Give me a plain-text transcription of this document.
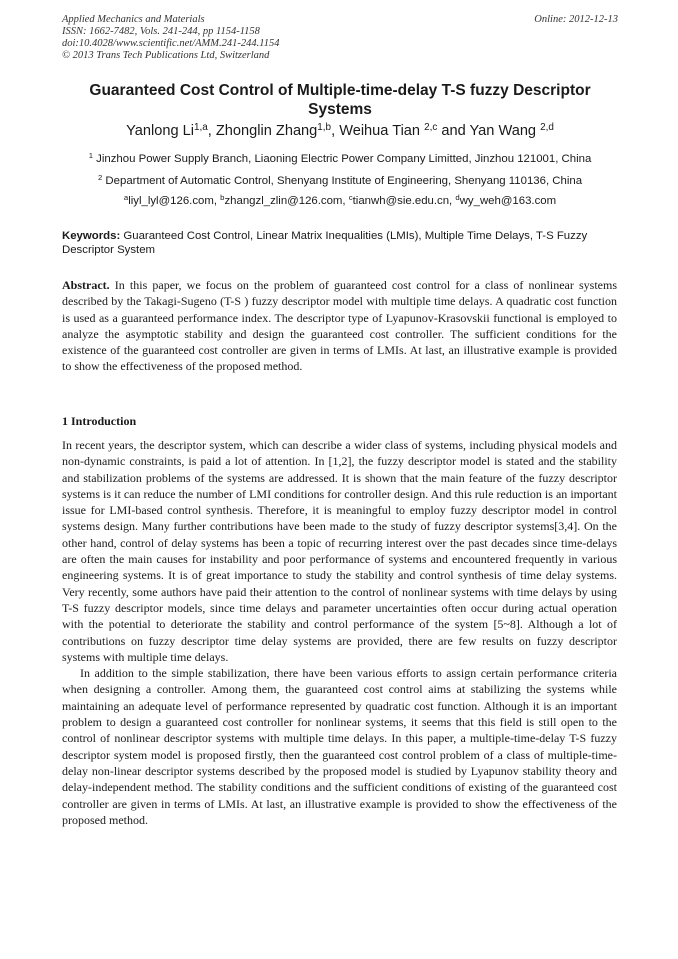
Applied Mechanics and Materials
ISSN: 1662-7482, Vols. 241-244, pp 1154-1158
doi:10.4028/www.scientific.net/AMM.241-244.1154
© 2013 Trans Tech Publications Ltd, Switzerland
Online: 2012-12-13
Guaranteed Cost Control of Multiple-time-delay T-S fuzzy Descriptor Systems
Yanlong Li$^{1,a}$, Zhonglin Zhang$^{1,b}$, Weihua Tian $^{2,c}$ and Yan Wang $^{2,d}$
$^1$ Jinzhou Power Supply Branch, Liaoning Electric Power Company Limitted, Jinzhou 121001, China
$^2$ Department of Automatic Control, Shenyang Institute of Engineering, Shenyang 110136, China
$^a$liyl_lyl@126.com, $^b$zhangzl_zlin@126.com, $^c$tianwh@sie.edu.cn, $^d$wy_weh@163.com
Keywords: Guaranteed Cost Control, Linear Matrix Inequalities (LMIs), Multiple Time Delays, T-S Fuzzy Descriptor System
Abstract. In this paper, we focus on the problem of guaranteed cost control for a class of nonlinear systems described by the Takagi-Sugeno (T-S ) fuzzy descriptor model with multiple time delays. A quadratic cost function is used as a guaranteed performance index. The descriptor type of Lyapunov-Krasovskii functional is employed to analyze the asymptotic stability and design the guaranteed cost controller. The sufficient conditions for the existence of the guaranteed cost controller are given in terms of LMIs. At last, an illustrative example is provided to show the effectiveness of the proposed method.
1 Introduction

In recent years, the descriptor system, which can describe a wider class of systems, including physical models and non-dynamic constraints, is paid a lot of attention. In [1,2], the fuzzy descriptor model is stated and the stability and stabilization problems of the systems are addressed. It is shown that the main feature of the fuzzy descriptor systems is it can reduce the number of LMI conditions for controller design. And this rule reduction is an important issue for LMI-based control synthesis. Therefore, it is meaningful to employ fuzzy descriptor model in control systems design. Many further contributions have been made to the study of fuzzy descriptor systems[3,4]. On the other hand, control of delay systems has been a topic of recurring interest over the past decades since time-delays are often the main causes for instability and poor performance of systems and encountered frequently in various engineering systems. It is of great importance to study the stability and control synthesis of time delay systems. Very recently, some authors have paid their attention to the control of nonlinear systems with time delays by using T-S fuzzy descriptor models, since time delays and parameter uncertainties often occur during actual operation with the potential to deteriorate the stability and control performance of the system [5~8]. Although a lot of contributions on fuzzy descriptor time delay systems are provided, there are few results on fuzzy descriptor systems with multiple time delays.

In addition to the simple stabilization, there have been various efforts to assign certain performance criteria when designing a controller. Among them, the guaranteed cost control aims at stabilizing the systems while maintaining an adequate level of performance represented by quadratic cost function. Although it is an important problem to design a guaranteed cost controller for nonlinear systems, it seems that this field is still open to the control of nonlinear descriptor systems with multiple time delays. In this paper, a multiple-time-delay T-S fuzzy descriptor system model is proposed firstly, then the guaranteed cost control problem of a class of multiple-time-delay non-linear descriptor systems described by the proposed model is studied by Lyapunov stability theory and delay-independent method. The stability conditions and the sufficient conditions of existing of the guaranteed cost controller are given in terms of LMIs. At last, an illustrative example is provided to show the effectiveness of the proposed method.
